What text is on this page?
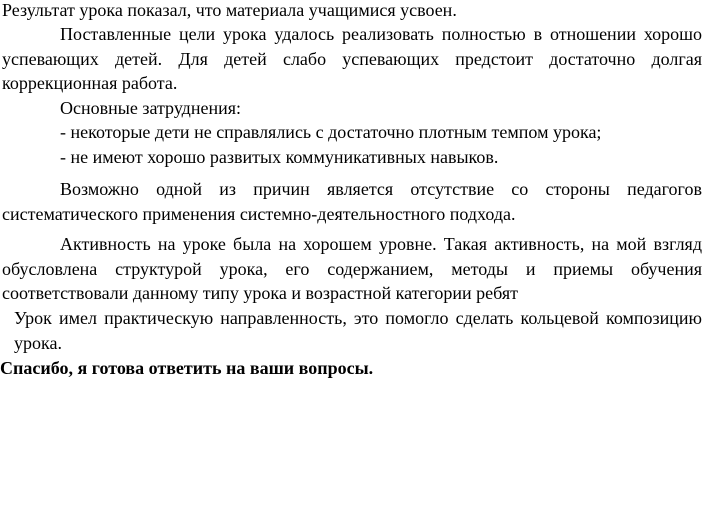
Результат урока показал, что материала учащимися усвоен.

Поставленные цели урока удалось реализовать полностью в отношении хорошо успевающих детей. Для детей слабо успевающих предстоит достаточно долгая коррекционная работа.

Основные затруднения:

- некоторые дети не справлялись с достаточно плотным темпом урока;

- не имеют хорошо развитых коммуникативных навыков.

Возможно одной из причин является отсутствие со стороны педагогов систематического применения системно-деятельностного подхода.

Активность на уроке была на хорошем уровне. Такая активность, на мой взгляд обусловлена структурой урока, его содержанием, методы и приемы обучения соответствовали данному типу урока и возрастной категории ребят

Урок имел практическую направленность, это помогло сделать кольцевой композицию урока.

Спасибо, я готова ответить на ваши вопросы.
